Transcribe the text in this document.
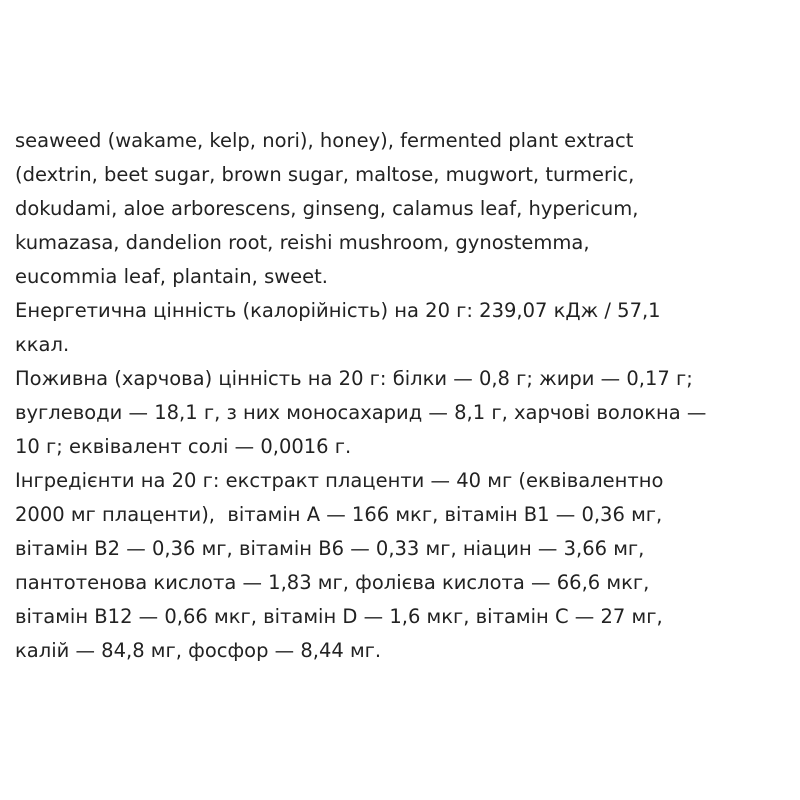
seaweed (wakame, kelp, nori), honey), fermented plant extract
(dextrin, beet sugar, brown sugar, maltose, mugwort, turmeric,
dokudami, aloe arborescens, ginseng, calamus leaf, hypericum,
kumazasa, dandelion root, reishi mushroom, gynostemma,
eucommia leaf, plantain, sweet.
Енергетична цінність (калорійність) на 20 г: 239,07 кДж / 57,1
ккал.
Поживна (харчова) цінність на 20 г: білки — 0,8 г; жири — 0,17 г;
вуглеводи — 18,1 г, з них моносахарид — 8,1 г, харчові волокна —
10 г; еквівалент солі — 0,0016 г.
Інгредієнти на 20 г: екстракт плаценти — 40 мг (еквівалентно
2000 мг плаценти),  вітамін А — 166 мкг, вітамін В1 — 0,36 мг,
вітамін В2 — 0,36 мг, вітамін В6 — 0,33 мг, ніацин — 3,66 мг,
пантотенова кислота — 1,83 мг, фолієва кислота — 66,6 мкг,
вітамін В12 — 0,66 мкг, вітамін D — 1,6 мкг, вітамін С — 27 мг,
калій — 84,8 мг, фосфор — 8,44 мг.
